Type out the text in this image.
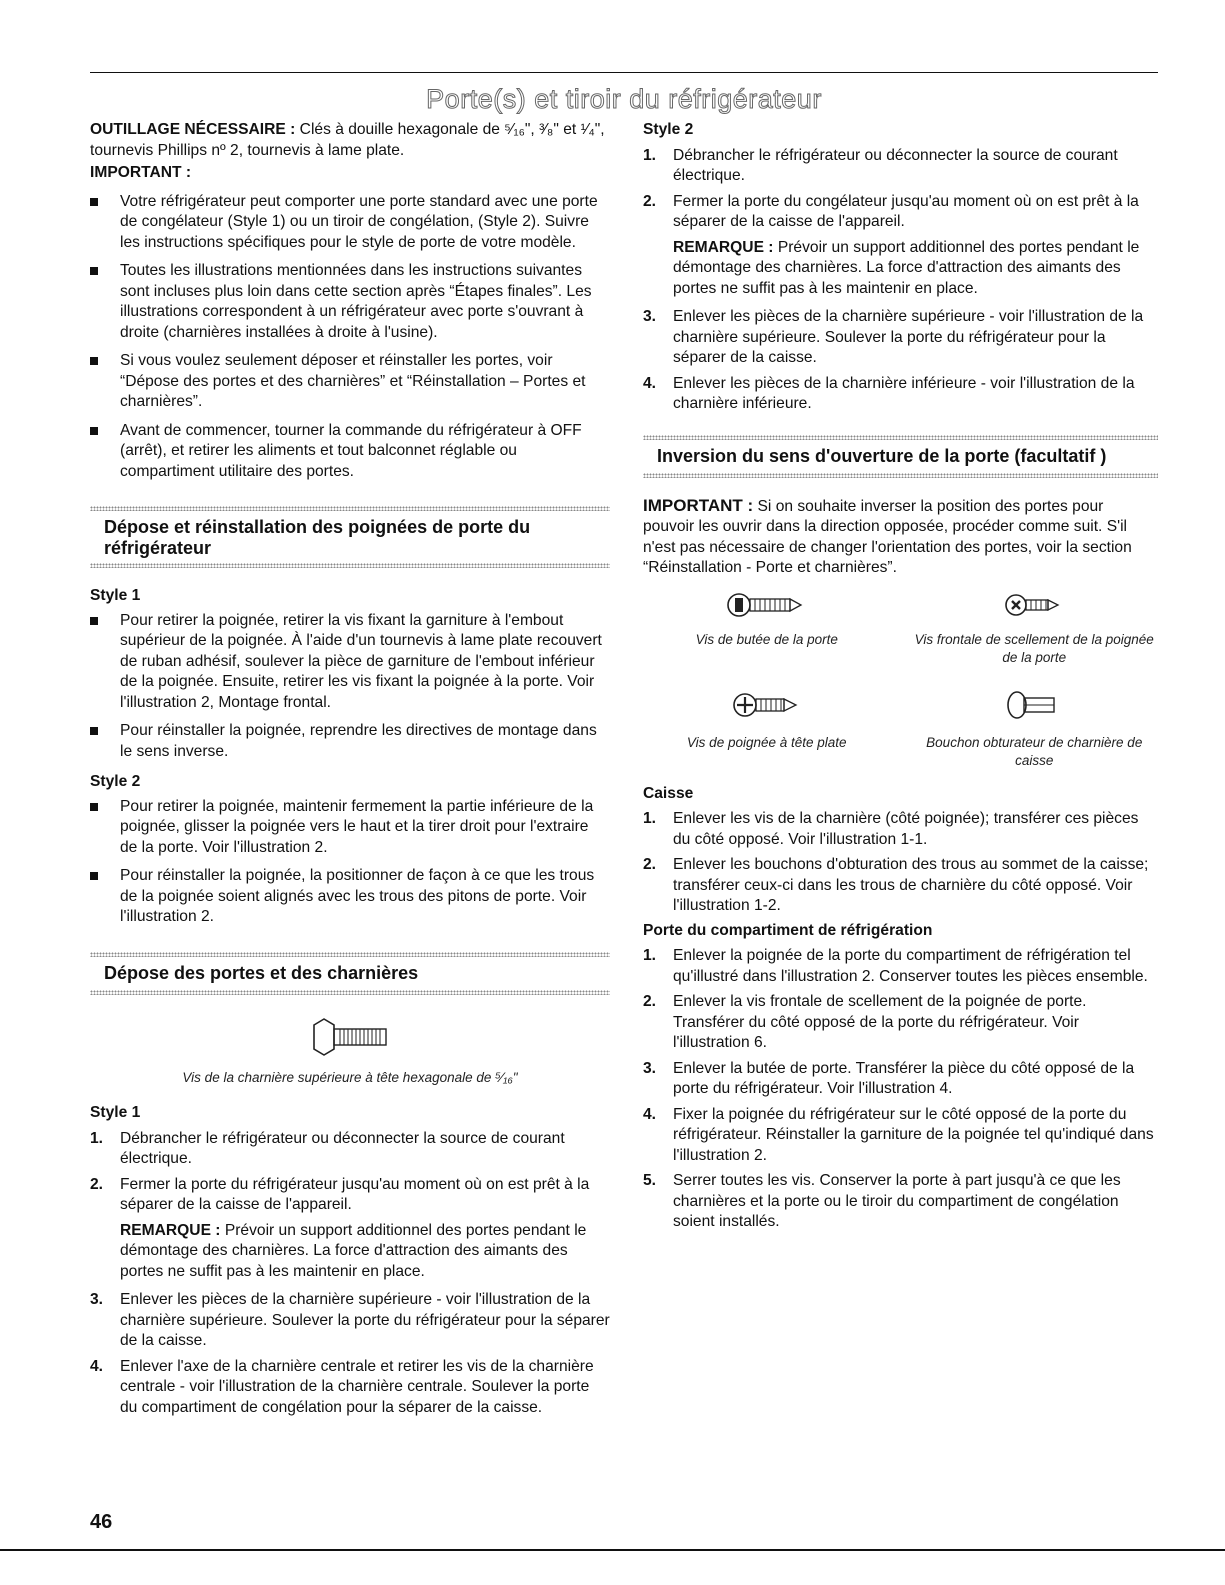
Porte(s) et tiroir du réfrigérateur

OUTILLAGE NÉCESSAIRE : Clés à douille hexagonale de ⁵⁄₁₆", ³⁄₈" et ¹⁄₄", tournevis Phillips nº 2, tournevis à lame plate.

IMPORTANT :

Votre réfrigérateur peut comporter une porte standard avec une porte de congélateur (Style 1) ou un tiroir de congélation, (Style 2). Suivre les instructions spécifiques pour le style de porte de votre modèle.

Toutes les illustrations mentionnées dans les instructions suivantes sont incluses plus loin dans cette section après “Étapes finales”. Les illustrations correspondent à un réfrigérateur avec porte s'ouvrant à droite (charnières installées à droite à l'usine).

Si vous voulez seulement déposer et réinstaller les portes, voir “Dépose des portes et des charnières” et “Réinstallation – Portes et charnières”.

Avant de commencer, tourner la commande du réfrigérateur à OFF (arrêt), et retirer les aliments et tout balconnet réglable ou compartiment utilitaire des portes.

Dépose et réinstallation des poignées de porte du réfrigérateur

Style 1

Pour retirer la poignée, retirer la vis fixant la garniture à l'embout supérieur de la poignée. À l'aide d'un tournevis à lame plate recouvert de ruban adhésif, soulever la pièce de garniture de l'embout inférieur de la poignée. Ensuite, retirer les vis fixant la poignée à la porte. Voir l'illustration 2, Montage frontal.

Pour réinstaller la poignée, reprendre les directives de montage dans le sens inverse.

Style 2

Pour retirer la poignée, maintenir fermement la partie inférieure de la poignée, glisser la poignée vers le haut et la tirer droit pour l'extraire de la porte. Voir l'illustration 2.

Pour réinstaller la poignée, la positionner de façon à ce que les trous de la poignée soient alignés avec les trous des pitons de porte. Voir l'illustration 2.

Dépose des portes et des charnières
Vis de la charnière supérieure à tête hexagonale de ⁵⁄₁₆"

Style 1

1. Débrancher le réfrigérateur ou déconnecter la source de courant électrique.

2. Fermer la porte du réfrigérateur jusqu'au moment où on est prêt à la séparer de la caisse de l'appareil.

REMARQUE : Prévoir un support additionnel des portes pendant le démontage des charnières. La force d'attraction des aimants des portes ne suffit pas à les maintenir en place.

3. Enlever les pièces de la charnière supérieure - voir l'illustration de la charnière supérieure. Soulever la porte du réfrigérateur pour la séparer de la caisse.

4. Enlever l'axe de la charnière centrale et retirer les vis de la charnière centrale - voir l'illustration de la charnière centrale. Soulever la porte du compartiment de congélation pour la séparer de la caisse.

Style 2

1. Débrancher le réfrigérateur ou déconnecter la source de courant électrique.

2. Fermer la porte du congélateur jusqu'au moment où on est prêt à la séparer de la caisse de l'appareil.

REMARQUE : Prévoir un support additionnel des portes pendant le démontage des charnières. La force d'attraction des aimants des portes ne suffit pas à les maintenir en place.

3. Enlever les pièces de la charnière supérieure - voir l'illustration de la charnière supérieure. Soulever la porte du réfrigérateur pour la séparer de la caisse.

4. Enlever les pièces de la charnière inférieure - voir l'illustration de la charnière inférieure.

Inversion du sens d'ouverture de la porte (facultatif )

IMPORTANT : Si on souhaite inverser la position des portes pour pouvoir les ouvrir dans la direction opposée, procéder comme suit. S'il n'est pas nécessaire de changer l'orientation des portes, voir la section “Réinstallation - Porte et charnières”.

Vis de butée de la porte	Vis frontale de scellement de la poignée de la porte
Vis de poignée à tête plate	Bouchon obturateur de charnière de caisse

Caisse

1. Enlever les vis de la charnière (côté poignée); transférer ces pièces du côté opposé. Voir l'illustration 1-1.

2. Enlever les bouchons d'obturation des trous au sommet de la caisse; transférer ceux-ci dans les trous de charnière du côté opposé. Voir l'illustration 1-2.

Porte du compartiment de réfrigération

1. Enlever la poignée de la porte du compartiment de réfrigération tel qu'illustré dans l'illustration 2. Conserver toutes les pièces ensemble.

2. Enlever la vis frontale de scellement de la poignée de porte. Transférer du côté opposé de la porte du réfrigérateur. Voir l'illustration 6.

3. Enlever la butée de porte. Transférer la pièce du côté opposé de la porte du réfrigérateur. Voir l'illustration 4.

4. Fixer la poignée du réfrigérateur sur le côté opposé de la porte du réfrigérateur. Réinstaller la garniture de la poignée tel qu'indiqué dans l'illustration 2.

5. Serrer toutes les vis. Conserver la porte à part jusqu'à ce que les charnières et la porte ou le tiroir du compartiment de congélation soient installés.

46
